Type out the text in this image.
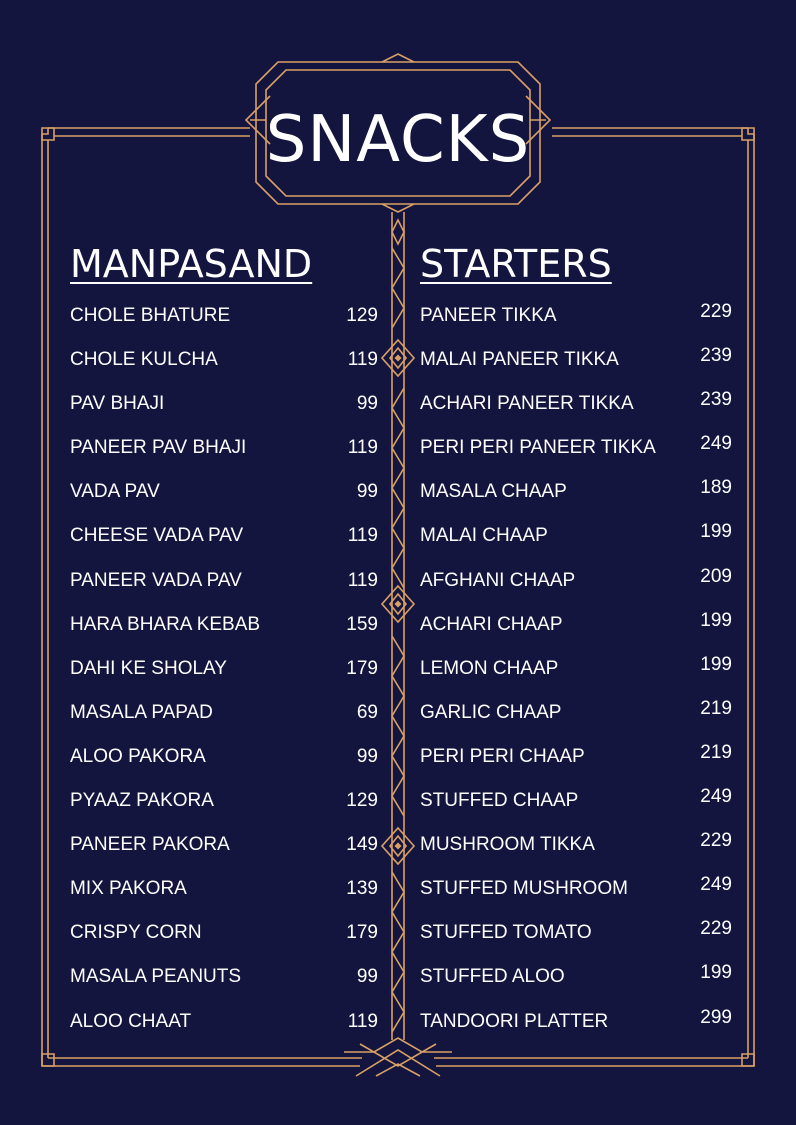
SNACKS
MANPASAND	STARTERS
CHOLE BHATURE	129
CHOLE KULCHA	119
PAV BHAJI	99
PANEER PAV BHAJI	119
VADA PAV	99
CHEESE VADA PAV	119
PANEER VADA PAV	119
HARA BHARA KEBAB	159
DAHI KE SHOLAY	179
MASALA PAPAD	69
ALOO PAKORA	99
PYAAZ PAKORA	129
PANEER PAKORA	149
MIX PAKORA	139
CRISPY CORN	179
MASALA PEANUTS	99
ALOO CHAAT	119
PANEER TIKKA	229
MALAI PANEER TIKKA	239
ACHARI PANEER TIKKA	239
PERI PERI PANEER TIKKA 249
MASALA CHAAP	189
MALAI CHAAP	199
AFGHANI CHAAP	209
ACHARI CHAAP	199
LEMON CHAAP	199
GARLIC CHAAP	219
PERI PERI CHAAP	219
STUFFED CHAAP	249
MUSHROOM TIKKA	229
STUFFED MUSHROOM	249
STUFFED TOMATO	229
STUFFED ALOO	199
TANDOORI PLATTER	299
